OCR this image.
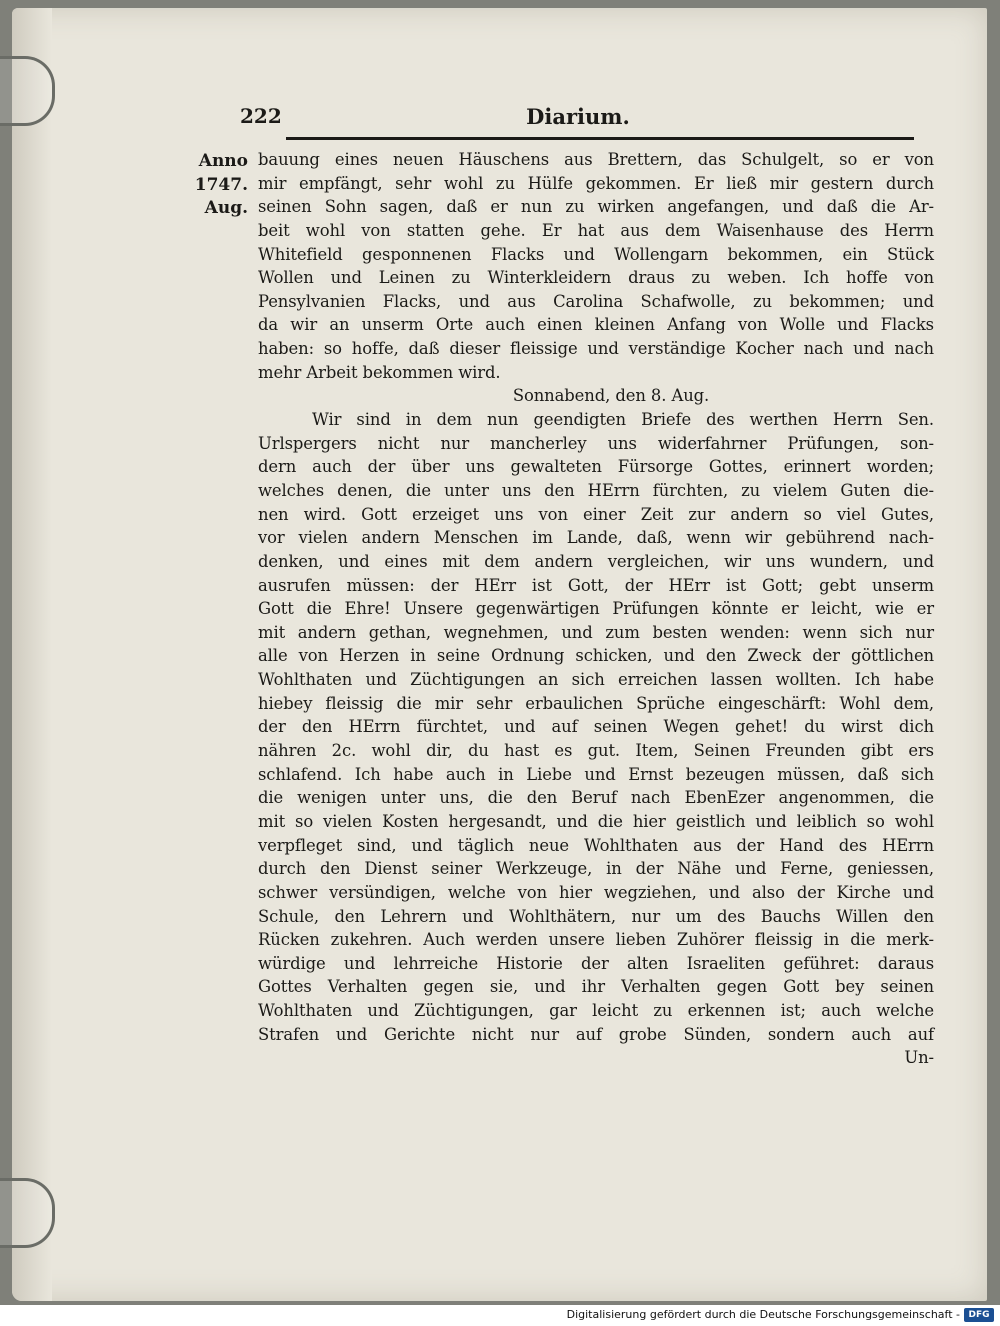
222	Diarium.
Anno
1747.
Aug.
bauung eines neuen Häuschens aus Brettern, das Schulgelt, so er von
mir empfängt, sehr wohl zu Hülfe gekommen. Er ließ mir gestern durch
seinen Sohn sagen, daß er nun zu wirken angefangen, und daß die Ar-
beit wohl von statten gehe. Er hat aus dem Waisenhause des Herrn
Whitefield gesponnenen Flacks und Wollengarn bekommen, ein Stück
Wollen und Leinen zu Winterkleidern draus zu weben. Ich hoffe von
Pensylvanien Flacks, und aus Carolina Schafwolle, zu bekommen; und
da wir an unserm Orte auch einen kleinen Anfang von Wolle und Flacks
haben: so hoffe, daß dieser fleissige und verständige Kocher nach und nach
mehr Arbeit bekommen wird.
Sonnabend, den 8. Aug.
Wir sind in dem nun geendigten Briefe des werthen Herrn Sen.
Urlspergers nicht nur mancherley uns widerfahrner Prüfungen, son-
dern auch der über uns gewalteten Fürsorge Gottes, erinnert worden;
welches denen, die unter uns den HErrn fürchten, zu vielem Guten die-
nen wird. Gott erzeiget uns von einer Zeit zur andern so viel Gutes,
vor vielen andern Menschen im Lande, daß, wenn wir gebührend nach-
denken, und eines mit dem andern vergleichen, wir uns wundern, und
ausrufen müssen: der HErr ist Gott, der HErr ist Gott; gebt unserm
Gott die Ehre! Unsere gegenwärtigen Prüfungen könnte er leicht, wie er
mit andern gethan, wegnehmen, und zum besten wenden: wenn sich nur
alle von Herzen in seine Ordnung schicken, und den Zweck der göttlichen
Wohlthaten und Züchtigungen an sich erreichen lassen wollten. Ich habe
hiebey fleissig die mir sehr erbaulichen Sprüche eingeschärft: Wohl dem,
der den HErrn fürchtet, und auf seinen Wegen gehet! du wirst dich
nähren 2c. wohl dir, du hast es gut. Item, Seinen Freunden gibt ers
schlafend. Ich habe auch in Liebe und Ernst bezeugen müssen, daß sich
die wenigen unter uns, die den Beruf nach EbenEzer angenommen, die
mit so vielen Kosten hergesandt, und die hier geistlich und leiblich so wohl
verpfleget sind, und täglich neue Wohlthaten aus der Hand des HErrn
durch den Dienst seiner Werkzeuge, in der Nähe und Ferne, geniessen,
schwer versündigen, welche von hier wegziehen, und also der Kirche und
Schule, den Lehrern und Wohlthätern, nur um des Bauchs Willen den
Rücken zukehren. Auch werden unsere lieben Zuhörer fleissig in die merk-
würdige und lehrreiche Historie der alten Israeliten geführet: daraus
Gottes Verhalten gegen sie, und ihr Verhalten gegen Gott bey seinen
Wohlthaten und Züchtigungen, gar leicht zu erkennen ist; auch welche
Strafen und Gerichte nicht nur auf grobe Sünden, sondern auch auf
Un-
Digitalisierung gefördert durch die Deutsche Forschungsgemeinschaft - DFG
